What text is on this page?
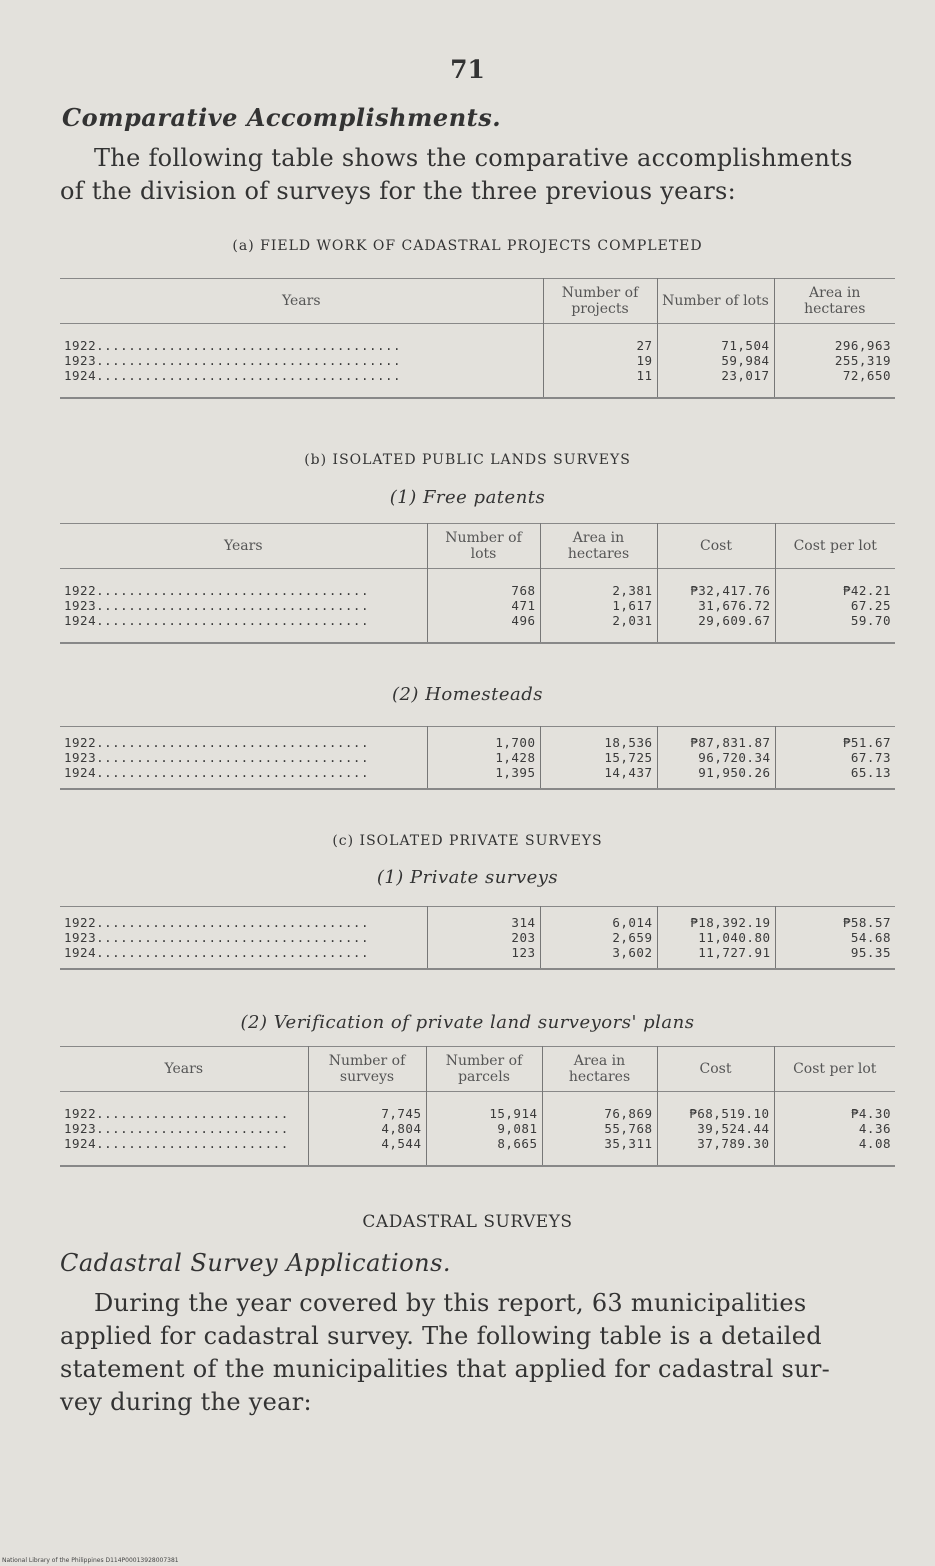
71
Comparative Accomplishments.
The following table shows the comparative accomplishments
of the division of surveys for the three previous years:
(a) FIELD WORK OF CADASTRAL PROJECTS COMPLETED
Years	Number of projects	Number of lots	Area in hectares
1922......................................	27	71,504	296,963
1923......................................	19	59,984	255,319
1924......................................	11	23,017	72,650
(b) ISOLATED PUBLIC LANDS SURVEYS
(1) Free patents
Years	Number of lots	Area in hectares	Cost	Cost per lot
1922..................................	768	2,381	₱32,417.76	₱42.21
1923..................................	471	1,617	31,676.72	67.25
1924..................................	496	2,031	29,609.67	59.70
(2) Homesteads
1922..................................	1,700	18,536	₱87,831.87	₱51.67
1923..................................	1,428	15,725	96,720.34	67.73
1924..................................	1,395	14,437	91,950.26	65.13
(c) ISOLATED PRIVATE SURVEYS
(1) Private surveys
1922..................................	314	6,014	₱18,392.19	₱58.57
1923..................................	203	2,659	11,040.80	54.68
1924..................................	123	3,602	11,727.91	95.35
(2) Verification of private land surveyors' plans
Years	Number of surveys	Number of parcels	Area in hectares	Cost	Cost per lot
1922........................	7,745	15,914	76,869	₱68,519.10	₱4.30
1923........................	4,804	9,081	55,768	39,524.44	4.36
1924........................	4,544	8,665	35,311	37,789.30	4.08
CADASTRAL SURVEYS
Cadastral Survey Applications.
During the year covered by this report, 63 municipalities
applied for cadastral survey. The following table is a detailed
statement of the municipalities that applied for cadastral sur-
vey during the year:
National Library of the Philippines D114P00013928007381
